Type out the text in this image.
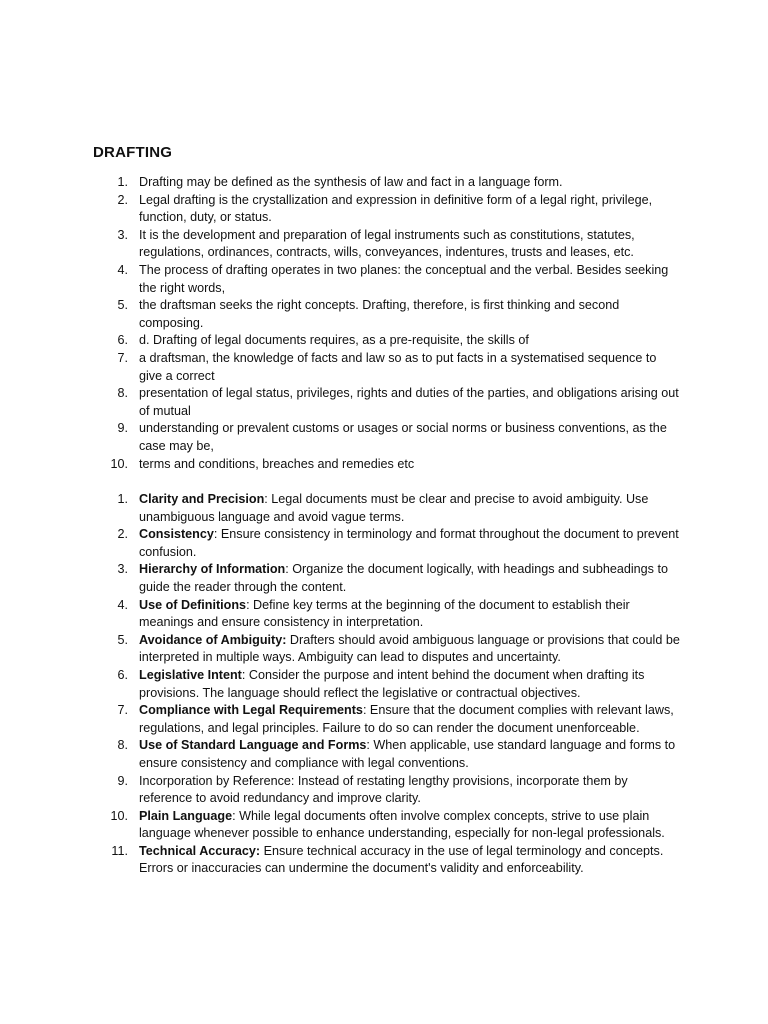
DRAFTING
1. Drafting may be defined as the synthesis of law and fact in a language form.
2. Legal drafting is the crystallization and expression in definitive form of a legal right, privilege, function, duty, or status.
3. It is the development and preparation of legal instruments such as constitutions, statutes, regulations, ordinances, contracts, wills, conveyances, indentures, trusts and leases, etc.
4. The process of drafting operates in two planes: the conceptual and the verbal. Besides seeking the right words,
5. the draftsman seeks the right concepts. Drafting, therefore, is first thinking and second composing.
6. d. Drafting of legal documents requires, as a pre-requisite, the skills of
7. a draftsman, the knowledge of facts and law so as to put facts in a systematised sequence to give a correct
8. presentation of legal status, privileges, rights and duties of the parties, and obligations arising out of mutual
9. understanding or prevalent customs or usages or social norms or business conventions, as the case may be,
10. terms and conditions, breaches and remedies etc
1. Clarity and Precision: Legal documents must be clear and precise to avoid ambiguity. Use unambiguous language and avoid vague terms.
2. Consistency: Ensure consistency in terminology and format throughout the document to prevent confusion.
3. Hierarchy of Information: Organize the document logically, with headings and subheadings to guide the reader through the content.
4. Use of Definitions: Define key terms at the beginning of the document to establish their meanings and ensure consistency in interpretation.
5. Avoidance of Ambiguity: Drafters should avoid ambiguous language or provisions that could be interpreted in multiple ways. Ambiguity can lead to disputes and uncertainty.
6. Legislative Intent: Consider the purpose and intent behind the document when drafting its provisions. The language should reflect the legislative or contractual objectives.
7. Compliance with Legal Requirements: Ensure that the document complies with relevant laws, regulations, and legal principles. Failure to do so can render the document unenforceable.
8. Use of Standard Language and Forms: When applicable, use standard language and forms to ensure consistency and compliance with legal conventions.
9. Incorporation by Reference: Instead of restating lengthy provisions, incorporate them by reference to avoid redundancy and improve clarity.
10. Plain Language: While legal documents often involve complex concepts, strive to use plain language whenever possible to enhance understanding, especially for non-legal professionals.
11. Technical Accuracy: Ensure technical accuracy in the use of legal terminology and concepts. Errors or inaccuracies can undermine the document's validity and enforceability.
